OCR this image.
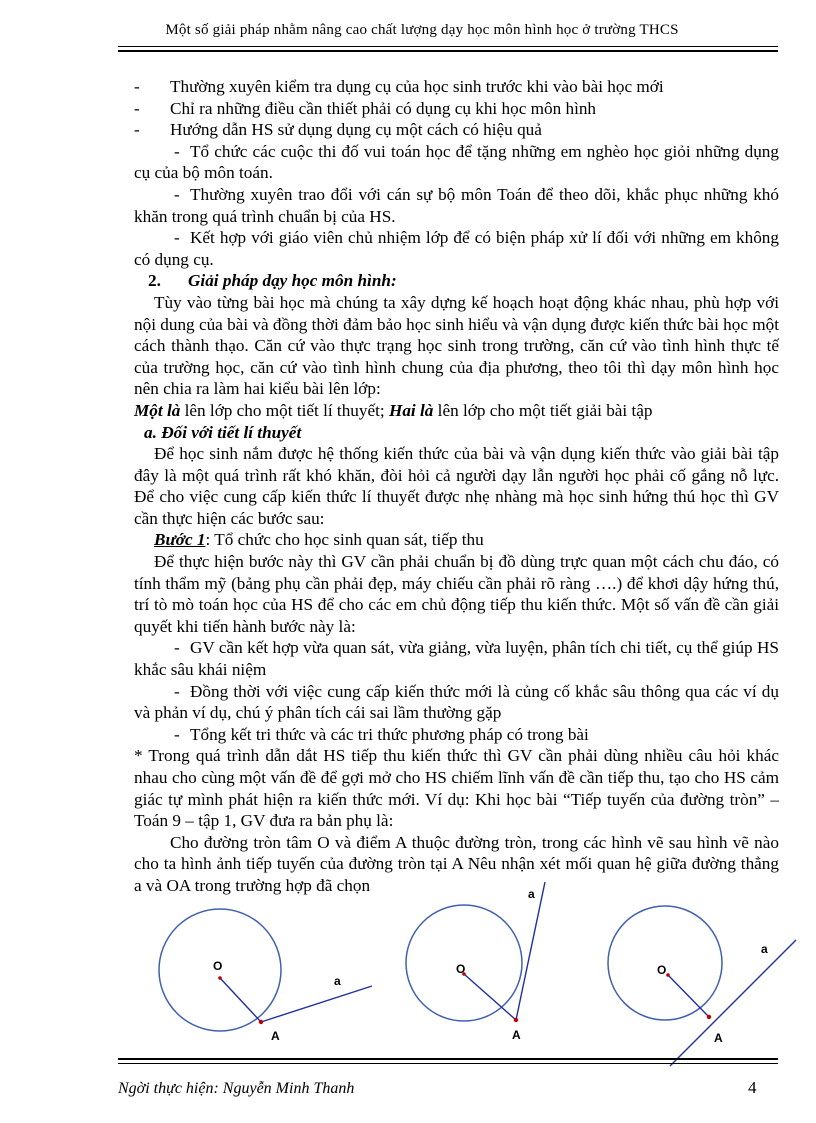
Một số giải pháp nhằm nâng cao chất lượng dạy học môn hình học ở trường THCS

- Thường xuyên kiểm tra dụng cụ của học sinh trước khi vào bài học mới

- Chỉ ra những điều cần thiết phải có dụng cụ khi học môn hình

- Hướng dẫn HS sử dụng dụng cụ một cách có hiệu quả

- Tổ chức các cuộc thi đố vui toán học để tặng những em nghèo học giỏi những dụng cụ của bộ môn toán.

- Thường xuyên trao đổi với cán sự bộ môn Toán để theo dõi, khắc phục những khó khăn trong quá trình chuẩn bị của HS.

- Kết hợp với giáo viên chủ nhiệm lớp để có biện pháp xử lí đối với những em không có dụng cụ.

2. Giải pháp dạy học môn hình:

Tùy vào từng bài học mà chúng ta xây dựng kế hoạch hoạt động khác nhau, phù hợp với nội dung của bài và đồng thời đảm bảo học sinh hiểu và vận dụng được kiến thức bài học một cách thành thạo. Căn cứ vào thực trạng học sinh trong trường, căn cứ vào tình hình thực tế của trường học, căn cứ vào tình hình chung của địa phương, theo tôi thì dạy môn hình học nên chia ra làm hai kiểu bài lên lớp:

Một là lên lớp cho một tiết lí thuyết; Hai là lên lớp cho một tiết giải bài tập

a. Đối với tiết lí thuyết

Để học sinh nắm được hệ thống kiến thức của bài và vận dụng kiến thức vào giải bài tập đây là một quá trình rất khó khăn, đòi hỏi cả người dạy lẫn người học phải cố gắng nỗ lực. Để cho việc cung cấp kiến thức lí thuyết được nhẹ nhàng mà học sinh hứng thú học thì GV cần thực hiện các bước sau:

Bước 1: Tổ chức cho học sinh quan sát, tiếp thu

Để thực hiện bước này thì GV cần phải chuẩn bị đồ dùng trực quan một cách chu đáo, có tính thẩm mỹ (bảng phụ cần phải đẹp, máy chiếu cần phải rõ ràng ….) để khơi dậy hứng thú, trí tò mò toán học của HS để cho các em chủ động tiếp thu kiến thức. Một số vấn đề cần giải quyết khi tiến hành bước này là:

- GV cần kết hợp vừa quan sát, vừa giảng, vừa luyện, phân tích chi tiết, cụ thể giúp HS khắc sâu khái niệm

- Đồng thời với việc cung cấp kiến thức mới là củng cố khắc sâu thông qua các ví dụ và phản ví dụ, chú ý phân tích cái sai lầm thường gặp

- Tổng kết tri thức và các tri thức phương pháp có trong bài

* Trong quá trình dẫn dắt HS tiếp thu kiến thức thì GV cần phải dùng nhiều câu hỏi khác nhau cho cùng một vấn đề để gợi mở cho HS chiếm lĩnh vấn đề cần tiếp thu, tạo cho HS cảm giác tự mình phát hiện ra kiến thức mới. Ví dụ: Khi học bài “Tiếp tuyến của đường tròn” – Toán 9 – tập 1, GV đưa ra bản phụ là:

Cho đường tròn tâm O và điểm A thuộc đường tròn, trong các hình vẽ sau hình vẽ nào cho ta hình ảnh tiếp tuyến của đường tròn tại A Nêu nhận xét mối quan hệ giữa đường thẳng a và OA trong trường hợp đã chọn

O
A
a
O
A
a
O
A
a
Ngời thực hiện: Nguyễn Minh Thanh	4
